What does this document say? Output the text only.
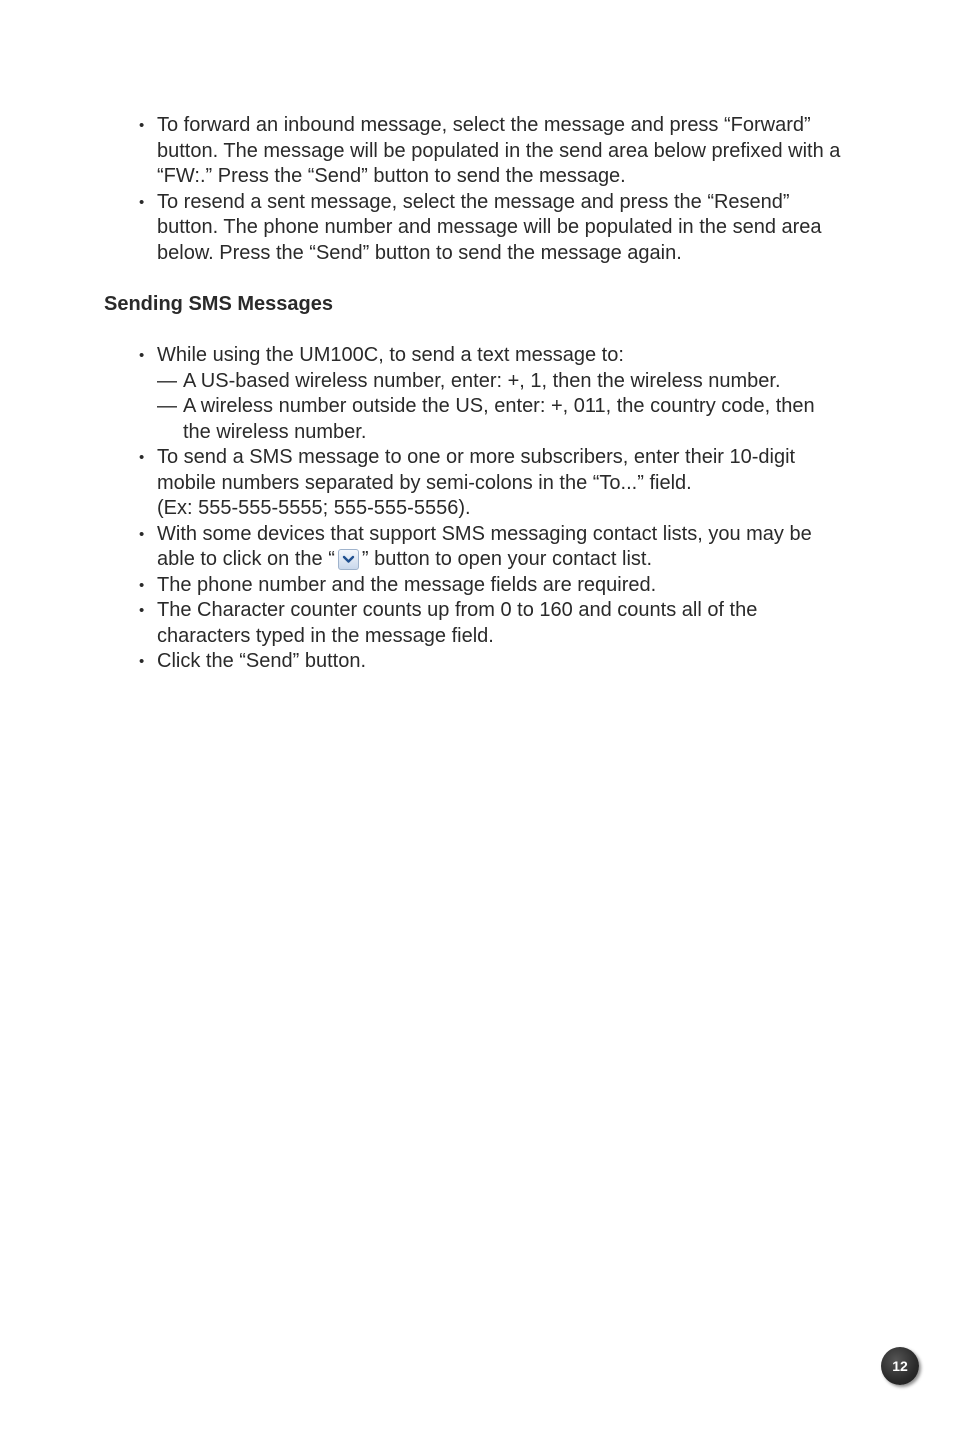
• To forward an inbound message, select the message and press “Forward”
button. The message will be populated in the send area below prefixed with a
“FW:.” Press the “Send” button to send the message.
• To resend a sent message, select the message and press the “Resend”
button. The phone number and message will be populated in the send area
below. Press the “Send” button to send the message again.
Sending SMS Messages
• While using the UM100C, to send a text message to:
— A US-based wireless number, enter: +, 1, then the wireless number.
— A wireless number outside the US, enter: +, 011, the country code, then
the wireless number.
• To send a SMS message to one or more subscribers, enter their 10-digit
mobile numbers separated by semi-colons in the “To...” field.
(Ex: 555-555-5555; 555-555-5556).
• With some devices that support SMS messaging contact lists, you may be
able to click on the “ ” button to open your contact list.
• The phone number and the message fields are required.
• The Character counter counts up from 0 to 160 and counts all of the
characters typed in the message field.
• Click the “Send” button.
12
